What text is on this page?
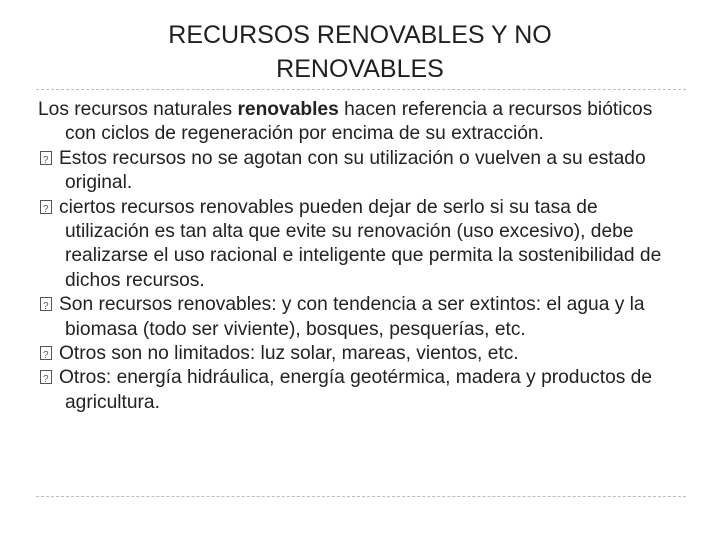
RECURSOS RENOVABLES Y NO
RENOVABLES

Los recursos naturales renovables hacen referencia a recursos bióticos con ciclos de regeneración por encima de su extracción.

?Estos recursos no se agotan con su utilización o vuelven a su estado original.

?ciertos recursos renovables pueden dejar de serlo si su tasa de utilización es tan alta que evite su renovación (uso excesivo), debe realizarse el uso racional e inteligente que permita la sostenibilidad de dichos recursos.

?Son recursos renovables: y con tendencia a ser extintos: el agua y la biomasa (todo ser viviente), bosques, pesquerías, etc.

?Otros son no limitados: luz solar, mareas, vientos, etc.

?Otros: energía hidráulica, energía geotérmica, madera y productos de agricultura.
